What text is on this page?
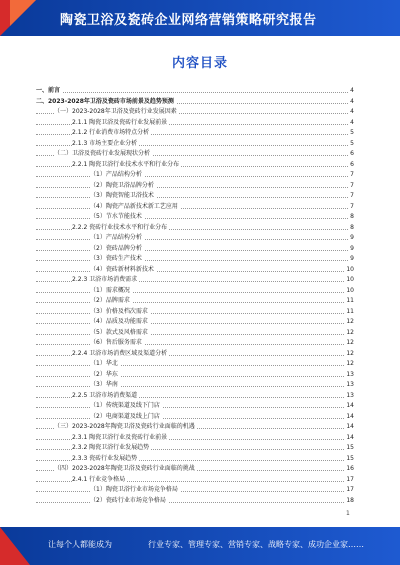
陶瓷卫浴及瓷砖企业网络营销策略研究报告
内容目录
一、前言	4
二、2023-2028年卫浴及瓷砖市场前景及趋势预测	4
（一）2023-2028年卫浴及瓷砖行业发展因素	4
2.1.1 陶瓷卫浴及瓷砖行业发展前景	4
2.1.2 行业消费市场特点分析	5
2.1.3 市场主要企业分析	5
（二）卫浴及瓷砖行业发展现状分析	6
2.2.1 陶瓷卫浴行业技术水平和行业分布	6
（1）产品结构分析	7
（2）陶瓷卫浴品牌分析	7
（3）陶瓷智能卫浴技术	7
（4）陶瓷产品新技术新工艺应用	7
（5）节水节能技术	8
2.2.2 瓷砖行业技术水平和行业分布	8
（1）产品结构分析	9
（2）瓷砖品牌分析	9
（3）瓷砖生产技术	9
（4）瓷砖新材料新技术	10
2.2.3 卫浴市场消费需求	10
（1）需求概况	10
（2）品牌需求	11
（3）价格及档次需求	11
（4）品质及功能需求	12
（5）款式及风格需求	12
（6）售后服务需求	12
2.2.4 卫浴市场消费区域及渠道分析	12
（1）华北	12
（2）华东	13
（3）华南	13
2.2.5 卫浴市场消费渠道	13
（1）传统渠道及线下门店	14
（2）电商渠道及线上门店	14
（三）2023-2028年陶瓷卫浴及瓷砖行业面临的机遇	14
2.3.1 陶瓷卫浴行业及瓷砖行业前景	14
2.3.2 陶瓷卫浴行业发展趋势	15
2.3.3 瓷砖行业发展趋势	15
（四）2023-2028年陶瓷卫浴及瓷砖行业面临的挑战	16
2.4.1 行业竞争格局	17
（1）陶瓷卫浴行业市场竞争格局	17
（2）瓷砖行业市场竞争格局	18
1
让每个人都能成为	行业专家、管理专家、营销专家、战略专家、成功企业家……
